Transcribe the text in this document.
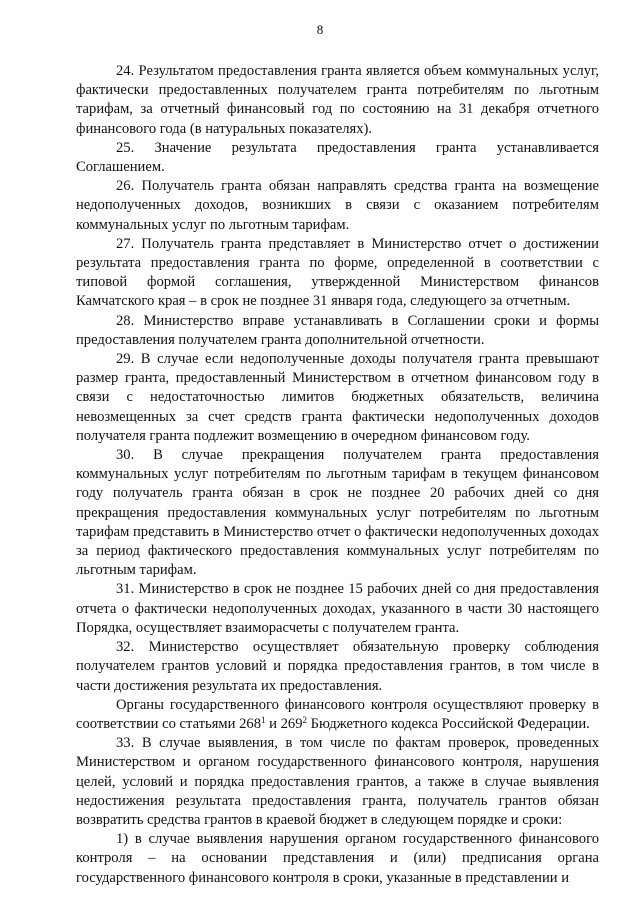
8

24. Результатом предоставления гранта является объем коммунальных услуг, фактически предоставленных получателем гранта потребителям по льготным тарифам, за отчетный финансовый год по состоянию на 31 декабря отчетного финансового года (в натуральных показателях).

25. Значение результата предоставления гранта устанавливается Соглашением.

26. Получатель гранта обязан направлять средства гранта на возмещение недополученных доходов, возникших в связи с оказанием потребителям коммунальных услуг по льготным тарифам.

27. Получатель гранта представляет в Министерство отчет о достижении результата предоставления гранта по форме, определенной в соответствии с типовой формой соглашения, утвержденной Министерством финансов Камчатского края – в срок не позднее 31 января года, следующего за отчетным.

28. Министерство вправе устанавливать в Соглашении сроки и формы предоставления получателем гранта дополнительной отчетности.

29. В случае если недополученные доходы получателя гранта превышают размер гранта, предоставленный Министерством в отчетном финансовом году в связи с недостаточностью лимитов бюджетных обязательств, величина невозмещенных за счет средств гранта фактически недополученных доходов получателя гранта подлежит возмещению в очередном финансовом году.

30. В случае прекращения получателем гранта предоставления коммунальных услуг потребителям по льготным тарифам в текущем финансовом году получатель гранта обязан в срок не позднее 20 рабочих дней со дня прекращения предоставления коммунальных услуг потребителям по льготным тарифам представить в Министерство отчет о фактически недополученных доходах за период фактического предоставления коммунальных услуг потребителям по льготным тарифам.

31. Министерство в срок не позднее 15 рабочих дней со дня предоставления отчета о фактически недополученных доходах, указанного в части 30 настоящего Порядка, осуществляет взаиморасчеты с получателем гранта.

32. Министерство осуществляет обязательную проверку соблюдения получателем грантов условий и порядка предоставления грантов, в том числе в части достижения результата их предоставления.

Органы государственного финансового контроля осуществляют проверку в соответствии со статьями $268^1$ и $269^2$ Бюджетного кодекса Российской Федерации.

33. В случае выявления, в том числе по фактам проверок, проведенных Министерством и органом государственного финансового контроля, нарушения целей, условий и порядка предоставления грантов, а также в случае выявления недостижения результата предоставления гранта, получатель грантов обязан возвратить средства грантов в краевой бюджет в следующем порядке и сроки:

1) в случае выявления нарушения органом государственного финансового контроля – на основании представления и (или) предписания органа государственного финансового контроля в сроки, указанные в представлении и
